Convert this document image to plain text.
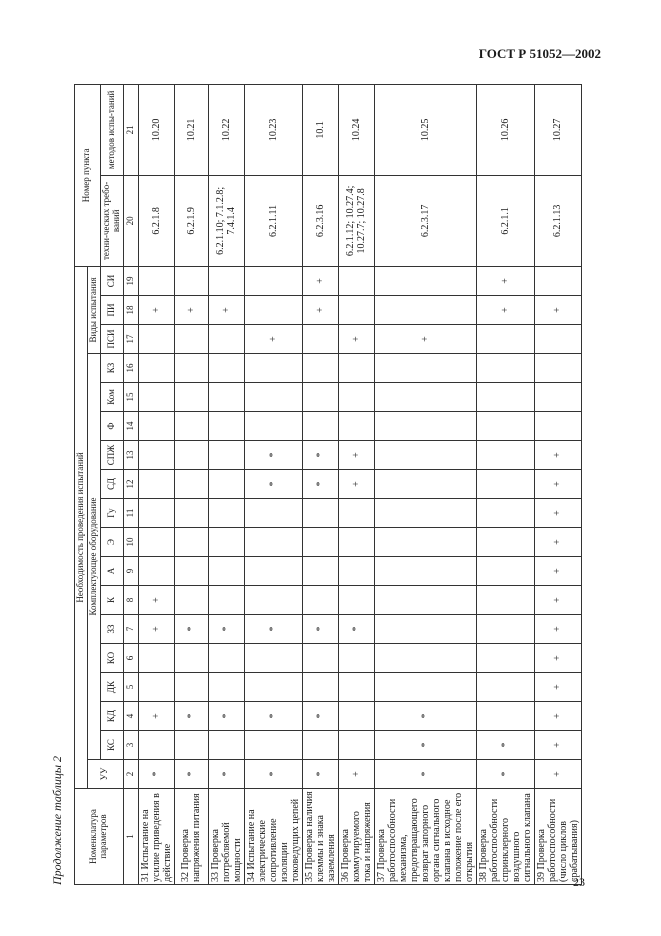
ГОСТ Р 51052—2002
Продолжение таблицы 2	Номенклатура параметров	Необходимость проведения испытаний																		Номер пункта	
	УУ	Комплектующее оборудование														Виды испытания				
		КС	КД	ДК	КО	ЗЗ	К	А	Э	Гу	СД	СПЖ	Ф	Ком	КЗ	ПСИ	ПИ	СИ	техни-ческих требо-ваний	методов испы-таний
1	2	3	4	5	6	7	8	9	10	11	12	13	14	15	16	17	18	19	20	21
31 Испытание на усилие приведения в действие	*		+			+	+										+		6.2.1.8	10.20
32 Проверка напряжения питания	*		*			*											+		6.2.1.9	10.21
33 Проверка потребляемой мощности	*		*			*											+		6.2.1.10; 7.1.2.8; 7.4.1.4	10.22
34 Испытание на электрические сопротивление изоляции токоведущих цепей	*		*			*					*	*				+			6.2.1.11	10.23
35 Проверка наличия клеммы и знака заземления	*		*			*					*	*					+	+	6.2.3.16	10.1
36 Проверка коммутируемого тока и напряжения	+					*					+	+				+			6.2.1.12; 10.27.4; 10.27.7; 10.27.8	10.24
37 Проверка работоспособности механизма, предотвращающего возврат запорного органа сигнального клапана в исходное положение после его открытия	*	*	*													+			6.2.3.17	10.25
38 Проверка работоспособности спринклерного воздушного сигнального клапана	*	*															+	+	6.2.1.1	10.26
39 Проверка работоспособности (число циклов срабатывания)	+	+	+	+	+	+	+	+	+	+	+	+					+		6.2.1.13	10.27
23
